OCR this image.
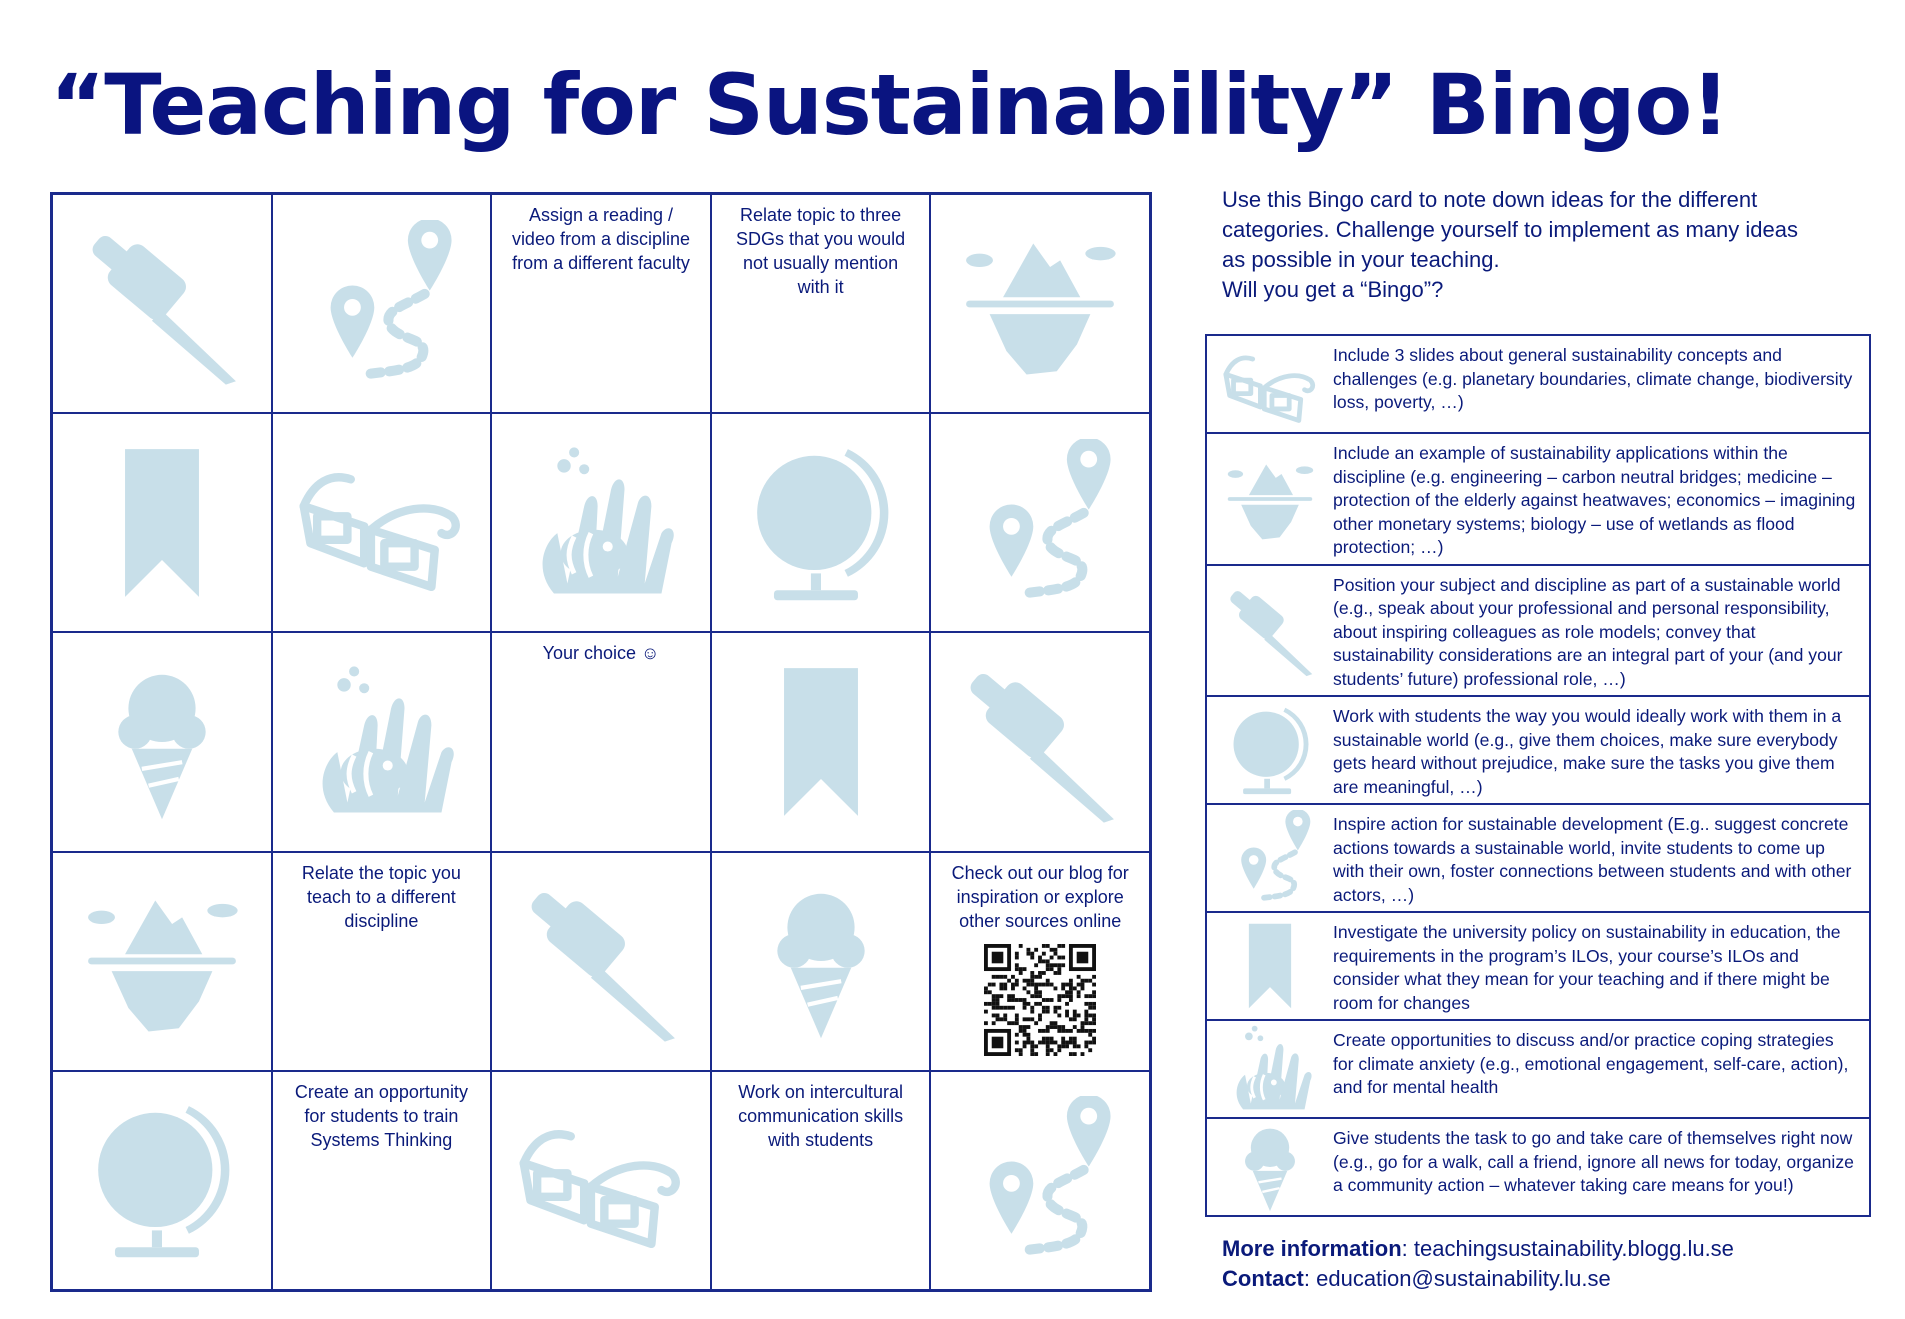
“Teaching for Sustainability” Bingo!
Assign a reading / video from a discipline from a different faculty
Relate topic to three SDGs that you would not usually mention with it
Your choice ☺
Relate the topic you teach to a different discipline
Check out our blog for inspiration or explore other sources online
Create an opportunity for students to train Systems Thinking
Work on intercultural communication skills with students

Use this Bingo card to note down ideas for the different
categories. Challenge yourself to implement as many ideas
as possible in your teaching.
Will you get a “Bingo”?

Include 3 slides about general sustainability concepts and challenges (e.g. planetary boundaries, climate change, biodiversity loss, poverty, …)
Include an example of sustainability applications within the discipline (e.g. engineering – carbon neutral bridges; medicine – protection of the elderly against heatwaves; economics – imagining other monetary systems; biology – use of wetlands as flood protection; …)
Position your subject and discipline as part of a sustainable world (e.g., speak about your professional and personal responsibility, about inspiring colleagues as role models; convey that sustainability considerations are an integral part of your (and your students’ future) professional role, …)
Work with students the way you would ideally work with them in a sustainable world (e.g., give them choices, make sure everybody gets heard without prejudice, make sure the tasks you give them are meaningful, …)
Inspire action for sustainable development (E.g.. suggest concrete actions towards a sustainable world, invite students to come up with their own, foster connections between students and with other actors, …)
Investigate the university policy on sustainability in education, the requirements in the program’s ILOs, your course’s ILOs and consider what they mean for your teaching and if there might be room for changes
Create opportunities to discuss and/or practice coping strategies for climate anxiety (e.g., emotional engagement, self-care, action), and for mental health
Give students the task to go and take care of themselves right now (e.g., go for a walk, call a friend, ignore all news for today, organize a community action – whatever taking care means for you!)
More information: teachingsustainability.blogg.lu.se
Contact: education@sustainability.lu.se
